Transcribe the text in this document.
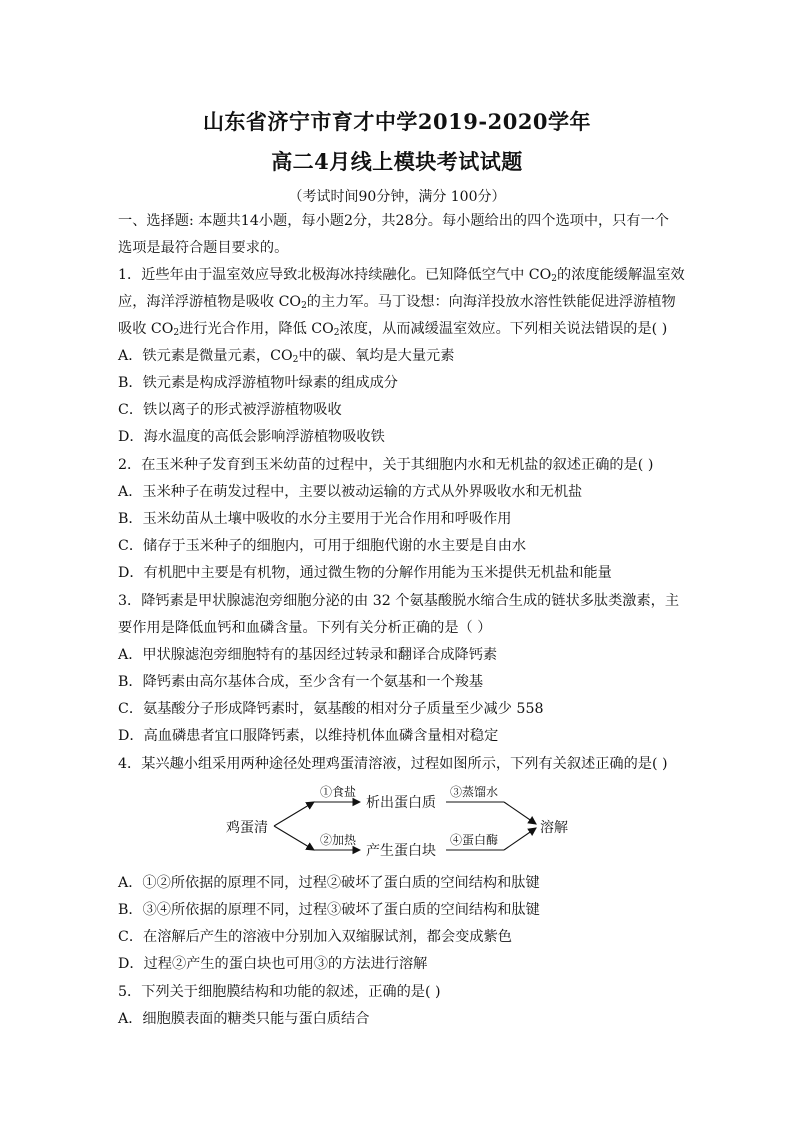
山东省济宁市育才中学2019-2020学年
高二4月线上模块考试试题
（考试时间90分钟，满分 100分）
一、选择题: 本题共14小题，每小题2分，共28分。每小题给出的四个选项中，只有一个
选项是最符合题目要求的。
1．近些年由于温室效应导致北极海冰持续融化。已知降低空气中 $CO_2$的浓度能缓解温室效
应，海洋浮游植物是吸收 $CO_2$的主力军。马丁设想：向海洋投放水溶性铁能促进浮游植物
吸收 $CO_2$进行光合作用，降低 $CO_2$浓度，从而减缓温室效应。下列相关说法错误的是( )
A．铁元素是微量元素，$CO_2$中的碳、氧均是大量元素
B．铁元素是构成浮游植物叶绿素的组成成分
C．铁以离子的形式被浮游植物吸收
D．海水温度的高低会影响浮游植物吸收铁
2．在玉米种子发育到玉米幼苗的过程中，关于其细胞内水和无机盐的叙述正确的是( )
A．玉米种子在萌发过程中，主要以被动运输的方式从外界吸收水和无机盐
B．玉米幼苗从土壤中吸收的水分主要用于光合作用和呼吸作用
C．储存于玉米种子的细胞内，可用于细胞代谢的水主要是自由水
D．有机肥中主要是有机物，通过微生物的分解作用能为玉米提供无机盐和能量
3．降钙素是甲状腺滤泡旁细胞分泌的由 32 个氨基酸脱水缩合生成的链状多肽类激素，主
要作用是降低血钙和血磷含量。下列有关分析正确的是（ ）
A．甲状腺滤泡旁细胞特有的基因经过转录和翻译合成降钙素
B．降钙素由高尔基体合成，至少含有一个氨基和一个羧基
C．氨基酸分子形成降钙素时，氨基酸的相对分子质量至少减少 558
D．高血磷患者宜口服降钙素，以维持机体血磷含量相对稳定
4．某兴趣小组采用两种途径处理鸡蛋清溶液，过程如图所示，下列有关叙述正确的是( )
鸡蛋清
①食盐
②加热
析出蛋白质
产生蛋白块
③蒸馏水
④蛋白酶
溶解
A．①②所依据的原理不同，过程②破坏了蛋白质的空间结构和肽键
B．③④所依据的原理不同，过程③破坏了蛋白质的空间结构和肽键
C．在溶解后产生的溶液中分别加入双缩脲试剂，都会变成紫色
D．过程②产生的蛋白块也可用③的方法进行溶解
5．下列关于细胞膜结构和功能的叙述，正确的是( )
A．细胞膜表面的糖类只能与蛋白质结合
